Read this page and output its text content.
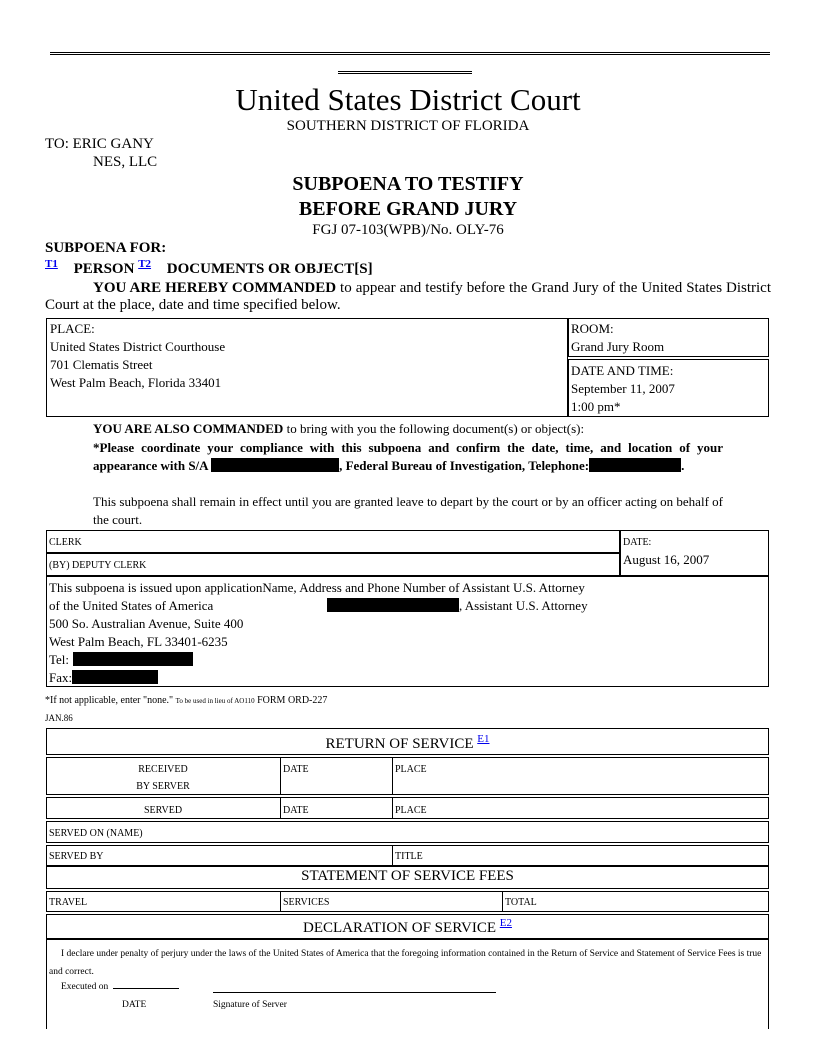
United States District Court
SOUTHERN DISTRICT OF FLORIDA
TO: ERIC GANY
NES, LLC
SUBPOENA TO TESTIFY
BEFORE GRAND JURY
FGJ 07-103(WPB)/No. OLY-76
SUBPOENA FOR:
$^{T1}$ PERSON $^{T2}$ DOCUMENTS OR OBJECT[S]
YOU ARE HEREBY COMMANDED to appear and testify before the Grand Jury of the United States District Court at the place, date and time specified below.
PLACE:
United States District Courthouse
701 Clematis Street
West Palm Beach, Florida 33401
ROOM:
Grand Jury Room
DATE AND TIME:
September 11, 2007
1:00 pm*
YOU ARE ALSO COMMANDED to bring with you the following document(s) or object(s):
*Please coordinate your compliance with this subpoena and confirm the date, time, and location of your appearance with S/A	, Federal Bureau of Investigation, Telephone:	.
This subpoena shall remain in effect until you are granted leave to depart by the court or by an officer acting on behalf of the court.
CLERK
(BY) DEPUTY CLERK
DATE:
August 16, 2007
This subpoena is issued upon applicationName, Address and Phone Number of Assistant U.S. Attorney
of the United States of America	, Assistant U.S. Attorney
500 So. Australian Avenue, Suite 400
West Palm Beach, FL 33401-6235
Tel:
Fax:
*If not applicable, enter "none." To be used in lieu of AO110 FORM ORD-227
JAN.86
RETURN OF SERVICE $^{E1}$
RECEIVED
BY SERVER
DATE	PLACE
SERVED	DATE	PLACE
SERVED ON (NAME)
SERVED BY	TITLE
STATEMENT OF SERVICE FEES
TRAVEL	SERVICES	TOTAL
DECLARATION OF SERVICE $^{E2}$
I declare under penalty of perjury under the laws of the United States of America that the foregoing information contained in the Return of Service and Statement of Service Fees is true and correct.
Executed on
DATE	Signature of Server
